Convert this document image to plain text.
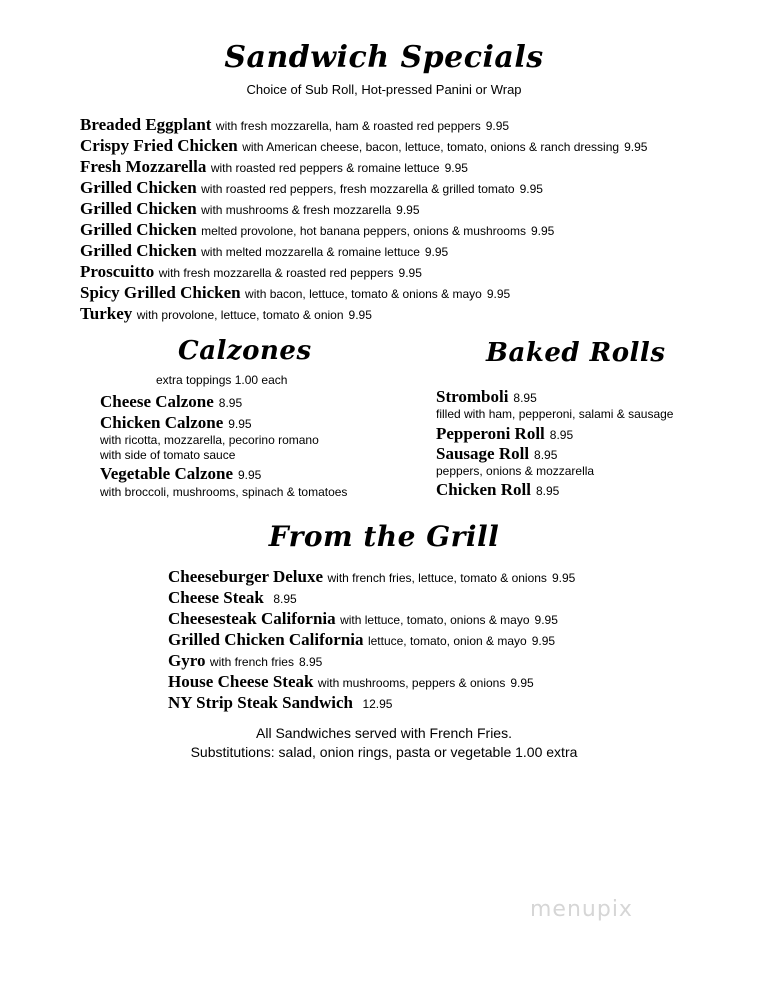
Sandwich Specials
Choice of Sub Roll, Hot-pressed Panini or Wrap
Breaded Eggplant with fresh mozzarella, ham & roasted red peppers 9.95
Crispy Fried Chicken with American cheese, bacon, lettuce, tomato, onions & ranch dressing 9.95
Fresh Mozzarella with roasted red peppers & romaine lettuce 9.95
Grilled Chicken with roasted red peppers, fresh mozzarella & grilled tomato 9.95
Grilled Chicken with mushrooms & fresh mozzarella 9.95
Grilled Chicken melted provolone, hot banana peppers, onions & mushrooms 9.95
Grilled Chicken with melted mozzarella & romaine lettuce 9.95
Proscuitto with fresh mozzarella & roasted red peppers 9.95
Spicy Grilled Chicken with bacon, lettuce, tomato & onions & mayo 9.95
Turkey with provolone, lettuce, tomato & onion 9.95
Calzones
extra toppings 1.00 each
Cheese Calzone 8.95
Chicken Calzone 9.95
with ricotta, mozzarella, pecorino romano
with side of tomato sauce
Vegetable Calzone 9.95
with broccoli, mushrooms, spinach & tomatoes
Baked Rolls
Stromboli 8.95
filled with ham, pepperoni, salami & sausage
Pepperoni Roll 8.95
Sausage Roll 8.95
peppers, onions & mozzarella
Chicken Roll 8.95
From the Grill
Cheeseburger Deluxe with french fries, lettuce, tomato & onions 9.95
Cheese Steak 8.95
Cheesesteak California with lettuce, tomato, onions & mayo 9.95
Grilled Chicken California lettuce, tomato, onion & mayo 9.95
Gyro with french fries 8.95
House Cheese Steak with mushrooms, peppers & onions 9.95
NY Strip Steak Sandwich 12.95
All Sandwiches served with French Fries.
Substitutions: salad, onion rings, pasta or vegetable 1.00 extra
menupix
